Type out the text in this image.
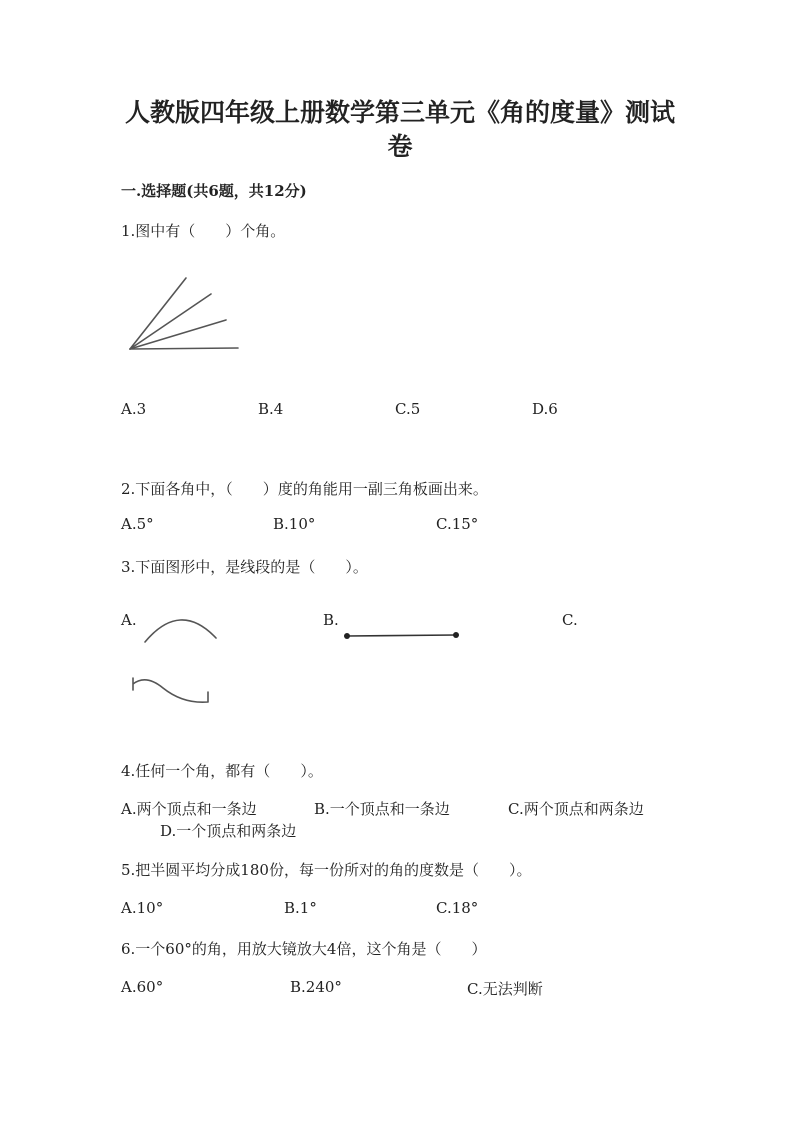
人教版四年级上册数学第三单元《角的度量》测试
卷
一.选择题(共6题，共12分)
1.图中有（　　）个角。
A.3	B.4	C.5	D.6
2.下面各角中，（　　）度的角能用一副三角板画出来。
A.5°	B.10°	C.15°
3.下面图形中，是线段的是（　　）。
A.	B.	C.
4.任何一个角，都有（　　）。
A.两个顶点和一条边	B.一个顶点和一条边	C.两个顶点和两条边
D.一个顶点和两条边
5.把半圆平均分成180份，每一份所对的角的度数是（　　）。
A.10°	B.1°	C.18°
6.一个60°的角，用放大镜放大4倍，这个角是（　　）
A.60°	B.240°	C.无法判断
